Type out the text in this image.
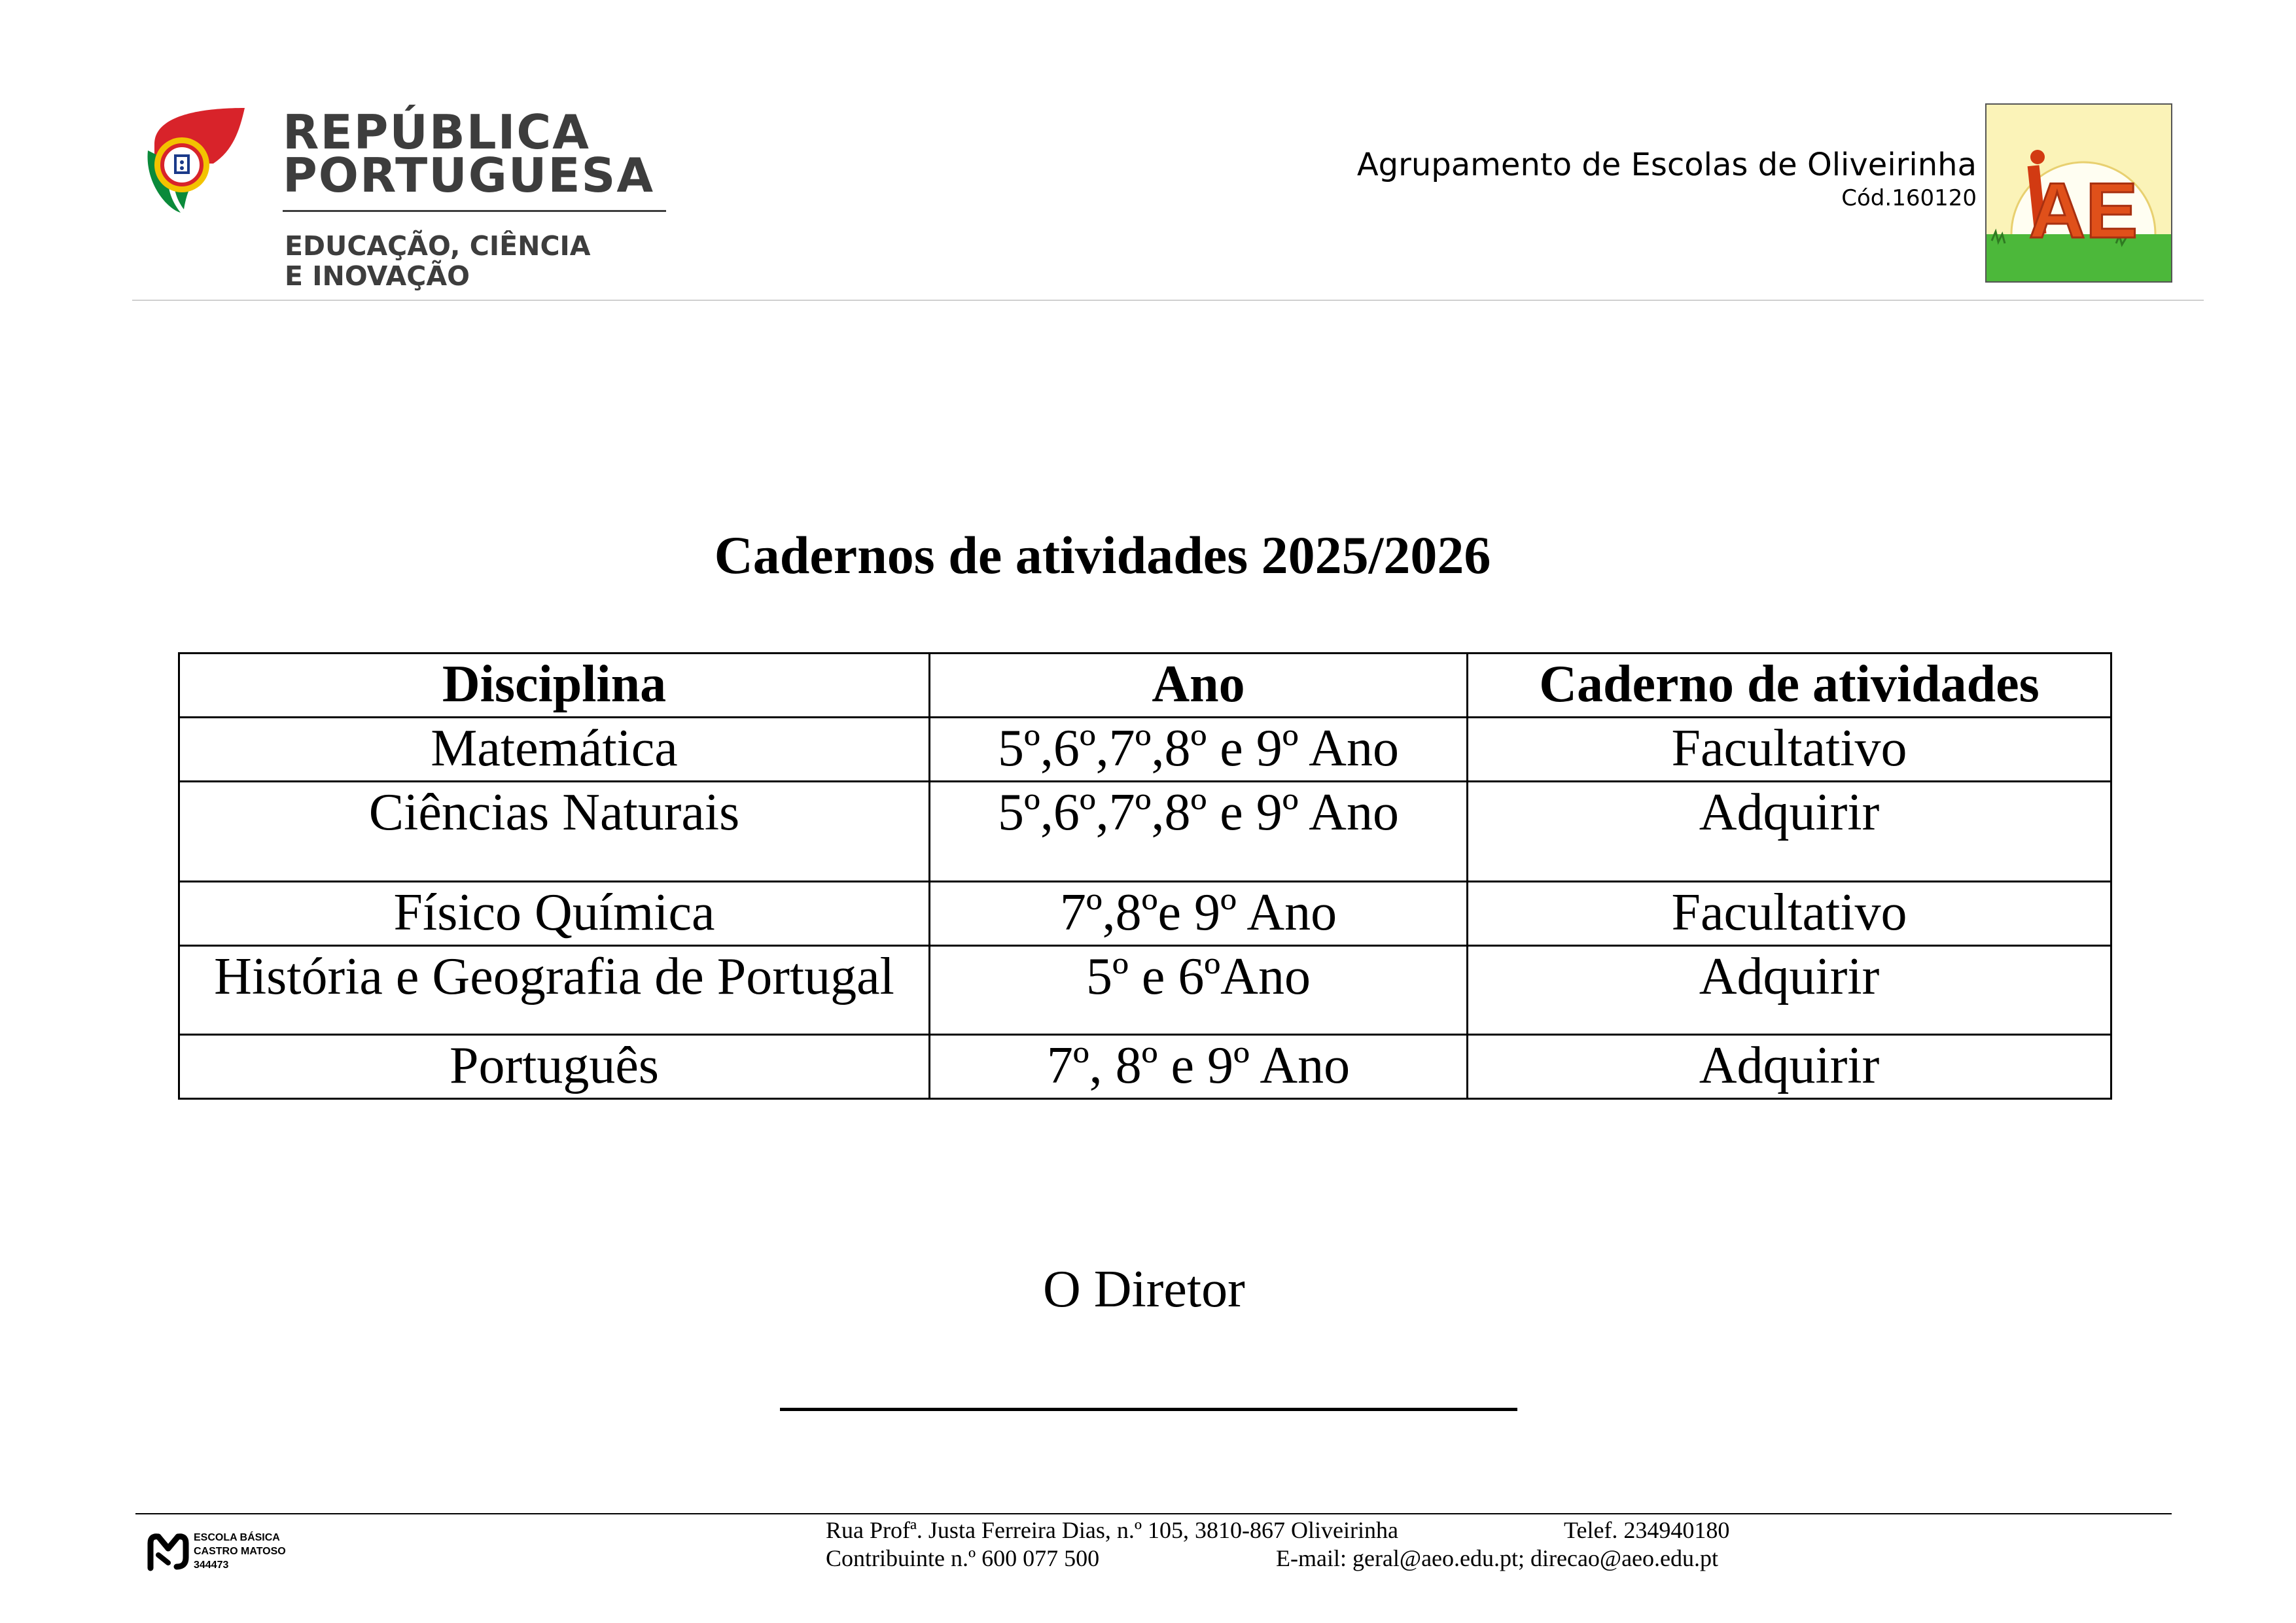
REPÚBLICA
PORTUGUESA
EDUCAÇÃO, CIÊNCIA
E INOVAÇÃO
Agrupamento de Escolas de Oliveirinha
Cód.160120 AE
Cadernos de atividades 2025/2026
Disciplina	Ano	Caderno de atividades
Matemática	5º,6º,7º,8º e 9º Ano	Facultativo
Ciências Naturais	5º,6º,7º,8º e 9º Ano	Adquirir
Físico Química	7º,8ºe 9º Ano	Facultativo
História e Geografia de Portugal	5º e 6ºAno	Adquirir
Português	7º, 8º e 9º Ano	Adquirir
O Diretor
ESCOLA BÁSICA
CASTRO MATOSO
344473
Rua Profª. Justa Ferreira Dias, n.º 105, 3810-867 Oliveirinha	Telef. 234940180
Contribuinte n.º 600 077 500	E-mail: geral@aeo.edu.pt; direcao@aeo.edu.pt
